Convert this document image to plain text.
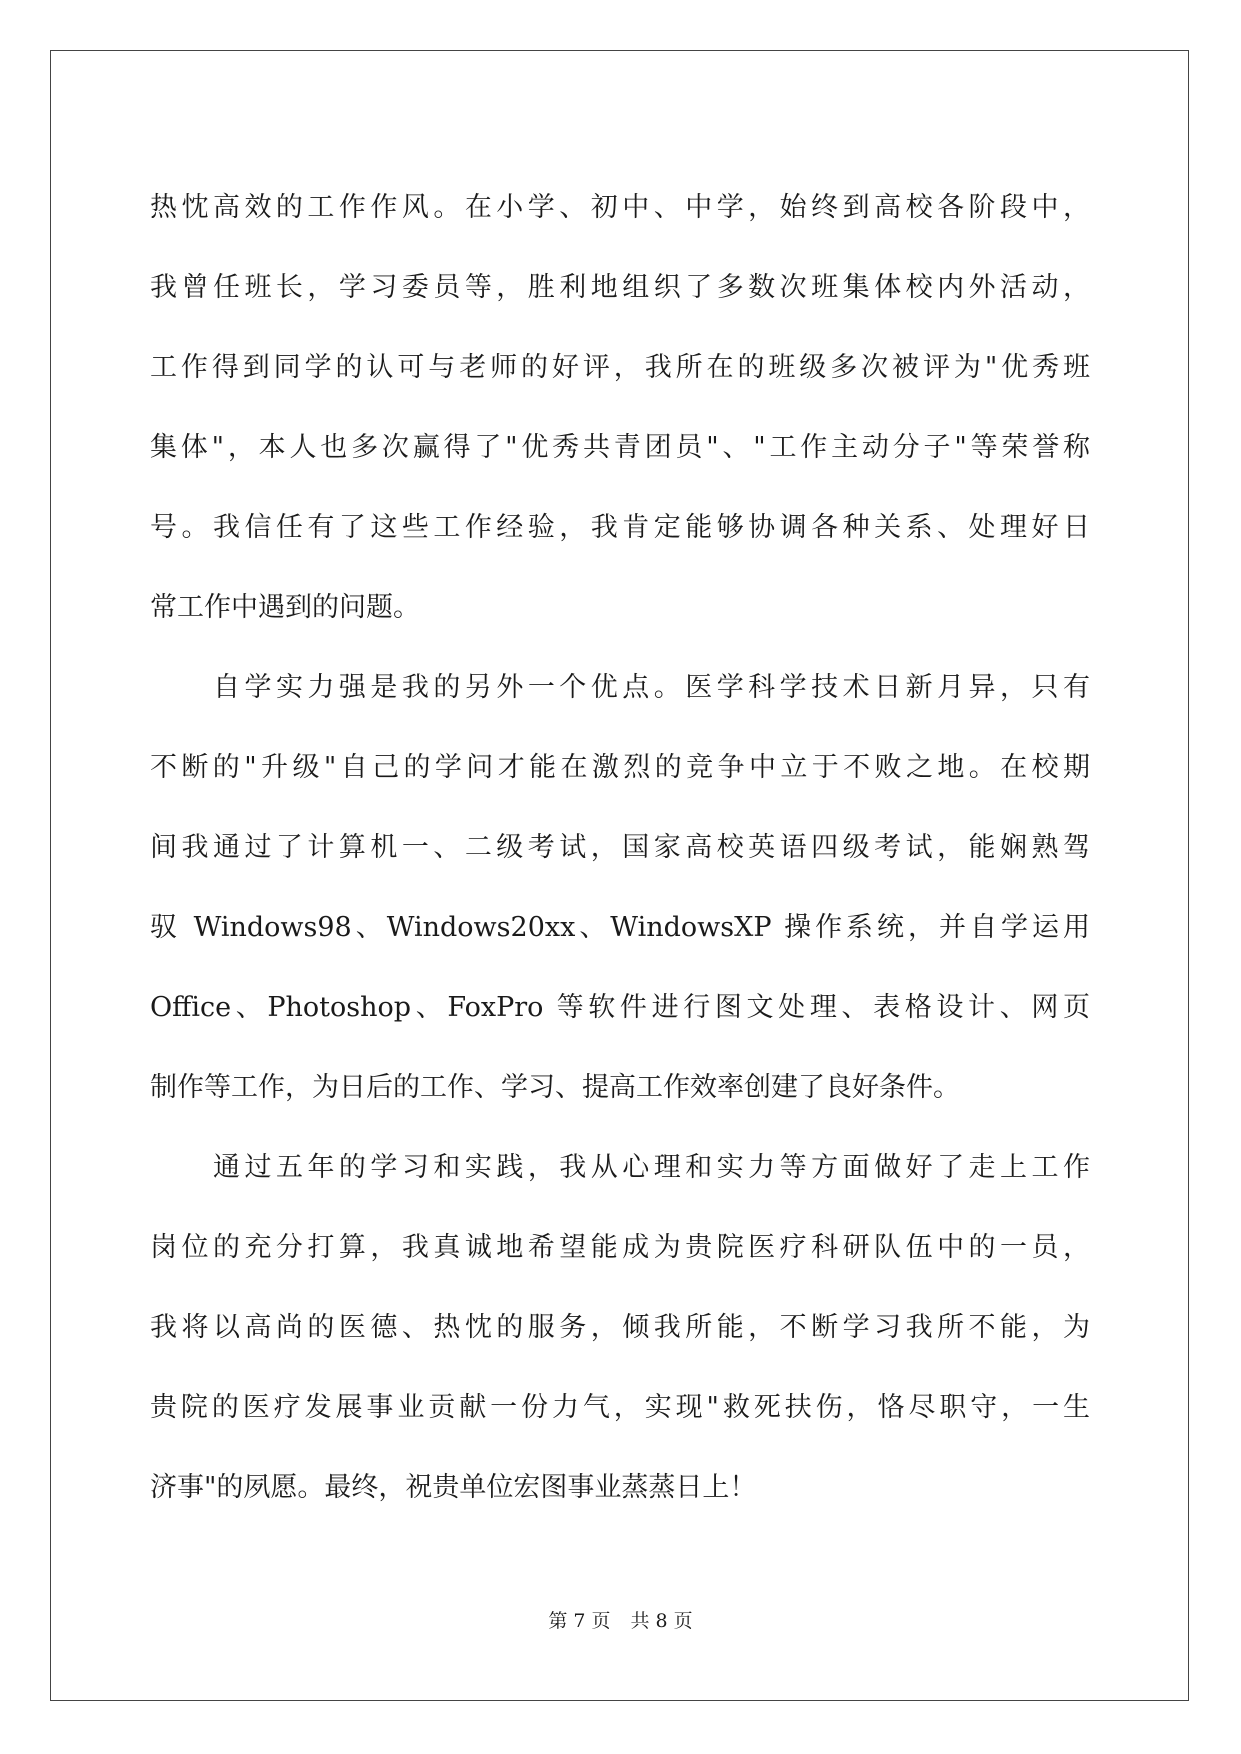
热忱高效的工作作风。在小学、初中、中学，始终到高校各阶段中，

我曾任班长，学习委员等，胜利地组织了多数次班集体校内外活动，

工作得到同学的认可与老师的好评，我所在的班级多次被评为"优秀班

集体"，本人也多次赢得了"优秀共青团员"、"工作主动分子"等荣誉称

号。我信任有了这些工作经验，我肯定能够协调各种关系、处理好日

常工作中遇到的问题。

自学实力强是我的另外一个优点。医学科学技术日新月异，只有

不断的"升级"自己的学问才能在激烈的竞争中立于不败之地。在校期

间我通过了计算机一、二级考试，国家高校英语四级考试，能娴熟驾

驭 Windows98、Windows20xx、WindowsXP 操作系统，并自学运用

Office、Photoshop、FoxPro 等软件进行图文处理、表格设计、网页

制作等工作，为日后的工作、学习、提高工作效率创建了良好条件。

通过五年的学习和实践，我从心理和实力等方面做好了走上工作

岗位的充分打算，我真诚地希望能成为贵院医疗科研队伍中的一员，

我将以高尚的医德、热忱的服务，倾我所能，不断学习我所不能，为

贵院的医疗发展事业贡献一份力气，实现"救死扶伤，恪尽职守，一生

济事"的夙愿。最终，祝贵单位宏图事业蒸蒸日上！

第 7 页 共 8 页
